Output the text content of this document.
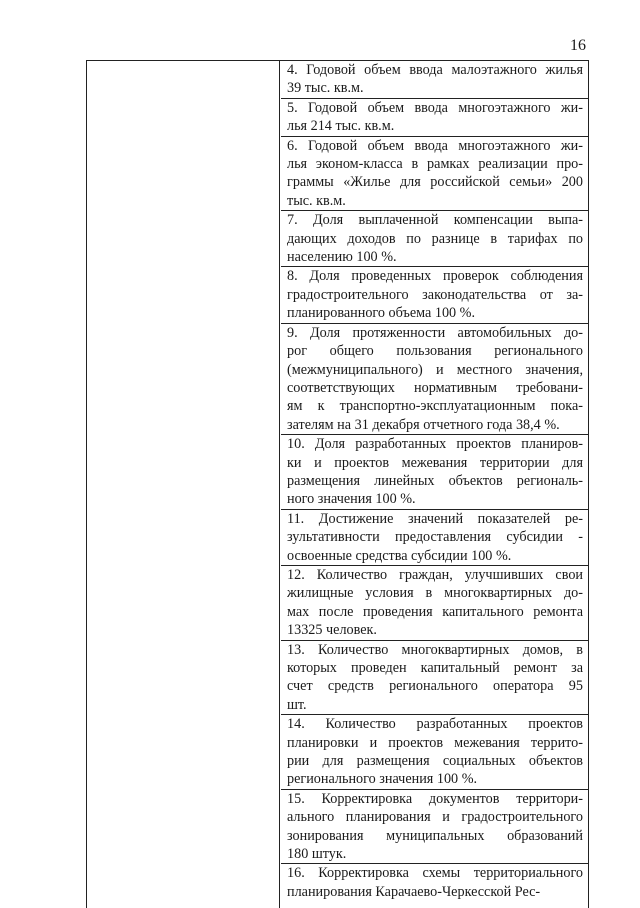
16
4. Годовой объем ввода малоэтажного жилья
39 тыс. кв.м.
5. Годовой объем ввода многоэтажного жи-
лья 214 тыс. кв.м.
6. Годовой объем ввода многоэтажного жи-
лья эконом-класса в рамках реализации про-
граммы «Жилье для российской семьи» 200
тыс. кв.м.
7. Доля выплаченной компенсации выпа-
дающих доходов по разнице в тарифах по
населению 100 %.
8. Доля проведенных проверок соблюдения
градостроительного законодательства от за-
планированного объема 100 %.
9. Доля протяженности автомобильных до-
рог общего пользования регионального
(межмуниципального) и местного значения,
соответствующих нормативным требовани-
ям к транспортно-эксплуатационным пока-
зателям на 31 декабря отчетного года 38,4 %.
10. Доля разработанных проектов планиров-
ки и проектов межевания территории для
размещения линейных объектов региональ-
ного значения 100 %.
11. Достижение значений показателей ре-
зультативности предоставления субсидии -
освоенные средства субсидии 100 %.
12. Количество граждан, улучшивших свои
жилищные условия в многоквартирных до-
мах после проведения капитального ремонта
13325 человек.
13. Количество многоквартирных домов, в
которых проведен капитальный ремонт за
счет средств регионального оператора 95
шт.
14. Количество разработанных проектов
планировки и проектов межевания террито-
рии для размещения социальных объектов
регионального значения 100 %.
15. Корректировка документов территори-
ального планирования и градостроительного
зонирования муниципальных образований
180 штук.
16. Корректировка схемы территориального
планирования Карачаево-Черкесской Рес-
